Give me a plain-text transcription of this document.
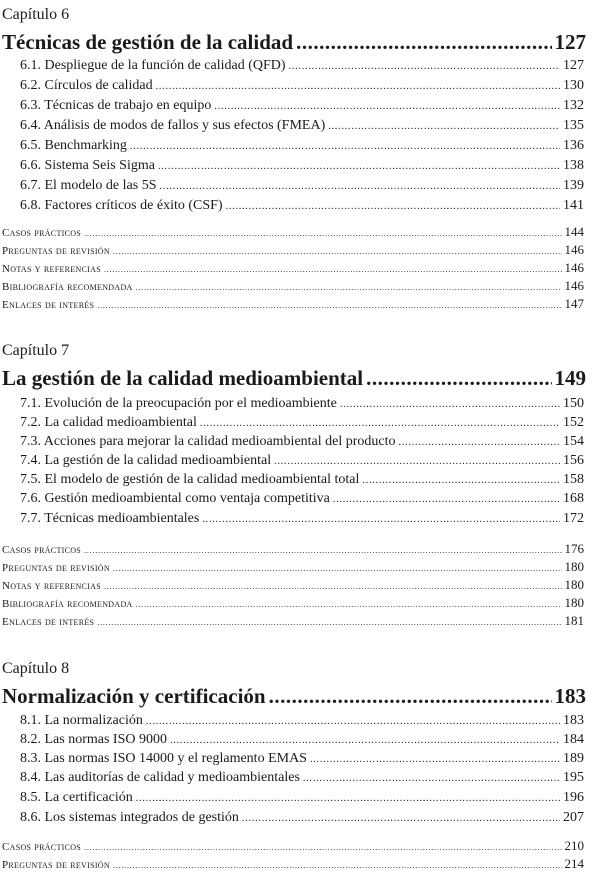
Capítulo 6
Técnicas de gestión de la calidad .....	127
6.1. Despliegue de la función de calidad (QFD) .....	127
6.2. Círculos de calidad .....	130
6.3. Técnicas de trabajo en equipo .....	132
6.4. Análisis de modos de fallos y sus efectos (FMEA) .....	135
6.5. Benchmarking .....	136
6.6. Sistema Seis Sigma .....	138
6.7. El modelo de las 5S .....	139
6.8. Factores críticos de éxito (CSF) .....	141
Casos prácticos .....	144
Preguntas de revisión .....	146
Notas y referencias .....	146
Bibliografía recomendada .....	146
Enlaces de interés .....	147
Capítulo 7
La gestión de la calidad medioambiental .....	149
7.1. Evolución de la preocupación por el medioambiente .....	150
7.2. La calidad medioambiental .....	152
7.3. Acciones para mejorar la calidad medioambiental del producto .....	154
7.4. La gestión de la calidad medioambiental .....	156
7.5. El modelo de gestión de la calidad medioambiental total .....	158
7.6. Gestión medioambiental como ventaja competitiva .....	168
7.7. Técnicas medioambientales .....	172
Casos prácticos .....	176
Preguntas de revisión .....	180
Notas y referencias .....	180
Bibliografía recomendada .....	180
Enlaces de interés .....	181
Capítulo 8
Normalización y certificación .....	183
8.1. La normalización .....	183
8.2. Las normas ISO 9000 .....	184
8.3. Las normas ISO 14000 y el reglamento EMAS .....	189
8.4. Las auditorías de calidad y medioambientales .....	195
8.5. La certificación .....	196
8.6. Los sistemas integrados de gestión .....	207
Casos prácticos .....	210
Preguntas de revisión .....	214
